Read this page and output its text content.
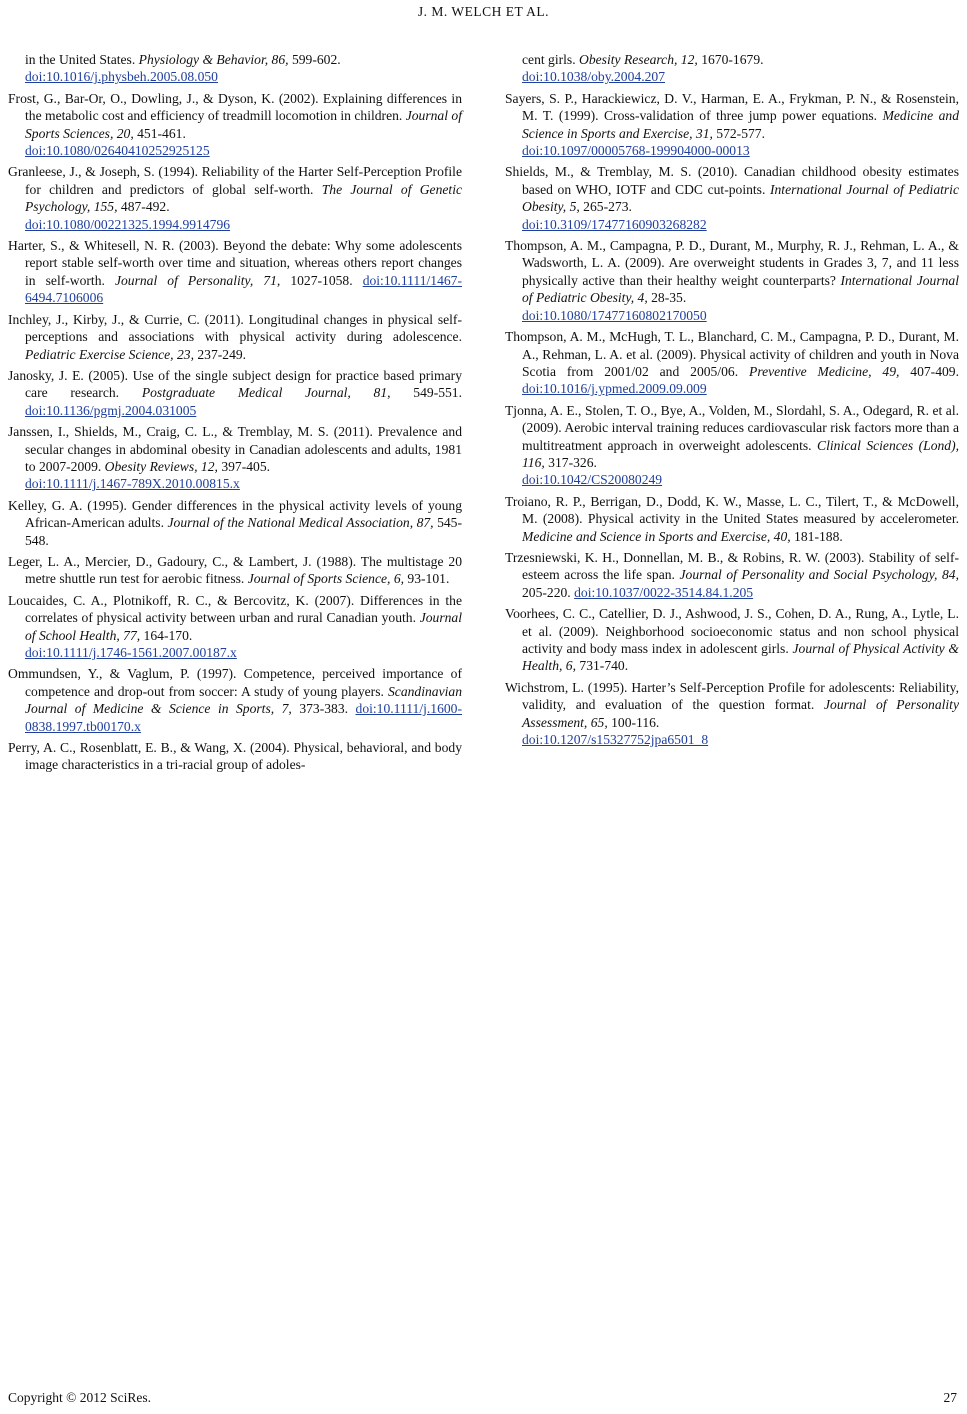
J. M. WELCH ET AL.

in the United States. Physiology & Behavior, 86, 599-602.
doi:10.1016/j.physbeh.2005.08.050

Frost, G., Bar-Or, O., Dowling, J., & Dyson, K. (2002). Explaining differences in the metabolic cost and efficiency of treadmill locomotion in children. Journal of Sports Sciences, 20, 451-461.
doi:10.1080/02640410252925125

Granleese, J., & Joseph, S. (1994). Reliability of the Harter Self-Perception Profile for children and predictors of global self-worth. The Journal of Genetic Psychology, 155, 487-492.
doi:10.1080/00221325.1994.9914796

Harter, S., & Whitesell, N. R. (2003). Beyond the debate: Why some adolescents report stable self-worth over time and situation, whereas others report changes in self-worth. Journal of Personality, 71, 1027-1058. doi:10.1111/1467-6494.7106006

Inchley, J., Kirby, J., & Currie, C. (2011). Longitudinal changes in physical self-perceptions and associations with physical activity during adolescence. Pediatric Exercise Science, 23, 237-249.

Janosky, J. E. (2005). Use of the single subject design for practice based primary care research. Postgraduate Medical Journal, 81, 549-551. doi:10.1136/pgmj.2004.031005

Janssen, I., Shields, M., Craig, C. L., & Tremblay, M. S. (2011). Prevalence and secular changes in abdominal obesity in Canadian adolescents and adults, 1981 to 2007-2009. Obesity Reviews, 12, 397-405.
doi:10.1111/j.1467-789X.2010.00815.x

Kelley, G. A. (1995). Gender differences in the physical activity levels of young African-American adults. Journal of the National Medical Association, 87, 545-548.

Leger, L. A., Mercier, D., Gadoury, C., & Lambert, J. (1988). The multistage 20 metre shuttle run test for aerobic fitness. Journal of Sports Science, 6, 93-101.

Loucaides, C. A., Plotnikoff, R. C., & Bercovitz, K. (2007). Differences in the correlates of physical activity between urban and rural Canadian youth. Journal of School Health, 77, 164-170.
doi:10.1111/j.1746-1561.2007.00187.x

Ommundsen, Y., & Vaglum, P. (1997). Competence, perceived importance of competence and drop-out from soccer: A study of young players. Scandinavian Journal of Medicine & Science in Sports, 7, 373-383. doi:10.1111/j.1600-0838.1997.tb00170.x

Perry, A. C., Rosenblatt, E. B., & Wang, X. (2004). Physical, behavioral, and body image characteristics in a tri-racial group of adoles-

cent girls. Obesity Research, 12, 1670-1679.
doi:10.1038/oby.2004.207

Sayers, S. P., Harackiewicz, D. V., Harman, E. A., Frykman, P. N., & Rosenstein, M. T. (1999). Cross-validation of three jump power equations. Medicine and Science in Sports and Exercise, 31, 572-577.
doi:10.1097/00005768-199904000-00013

Shields, M., & Tremblay, M. S. (2010). Canadian childhood obesity estimates based on WHO, IOTF and CDC cut-points. International Journal of Pediatric Obesity, 5, 265-273.
doi:10.3109/17477160903268282

Thompson, A. M., Campagna, P. D., Durant, M., Murphy, R. J., Rehman, L. A., & Wadsworth, L. A. (2009). Are overweight students in Grades 3, 7, and 11 less physically active than their healthy weight counterparts? International Journal of Pediatric Obesity, 4, 28-35.
doi:10.1080/17477160802170050

Thompson, A. M., McHugh, T. L., Blanchard, C. M., Campagna, P. D., Durant, M. A., Rehman, L. A. et al. (2009). Physical activity of children and youth in Nova Scotia from 2001/02 and 2005/06. Preventive Medicine, 49, 407-409. doi:10.1016/j.ypmed.2009.09.009

Tjonna, A. E., Stolen, T. O., Bye, A., Volden, M., Slordahl, S. A., Odegard, R. et al. (2009). Aerobic interval training reduces cardiovascular risk factors more than a multitreatment approach in overweight adolescents. Clinical Sciences (Lond), 116, 317-326.
doi:10.1042/CS20080249

Troiano, R. P., Berrigan, D., Dodd, K. W., Masse, L. C., Tilert, T., & McDowell, M. (2008). Physical activity in the United States measured by accelerometer. Medicine and Science in Sports and Exercise, 40, 181-188.

Trzesniewski, K. H., Donnellan, M. B., & Robins, R. W. (2003). Stability of self-esteem across the life span. Journal of Personality and Social Psychology, 84, 205-220. doi:10.1037/0022-3514.84.1.205

Voorhees, C. C., Catellier, D. J., Ashwood, J. S., Cohen, D. A., Rung, A., Lytle, L. et al. (2009). Neighborhood socioeconomic status and non school physical activity and body mass index in adolescent girls. Journal of Physical Activity & Health, 6, 731-740.

Wichstrom, L. (1995). Harter’s Self-Perception Profile for adolescents: Reliability, validity, and evaluation of the question format. Journal of Personality Assessment, 65, 100-116.
doi:10.1207/s15327752jpa6501_8

Copyright © 2012 SciRes.	27
